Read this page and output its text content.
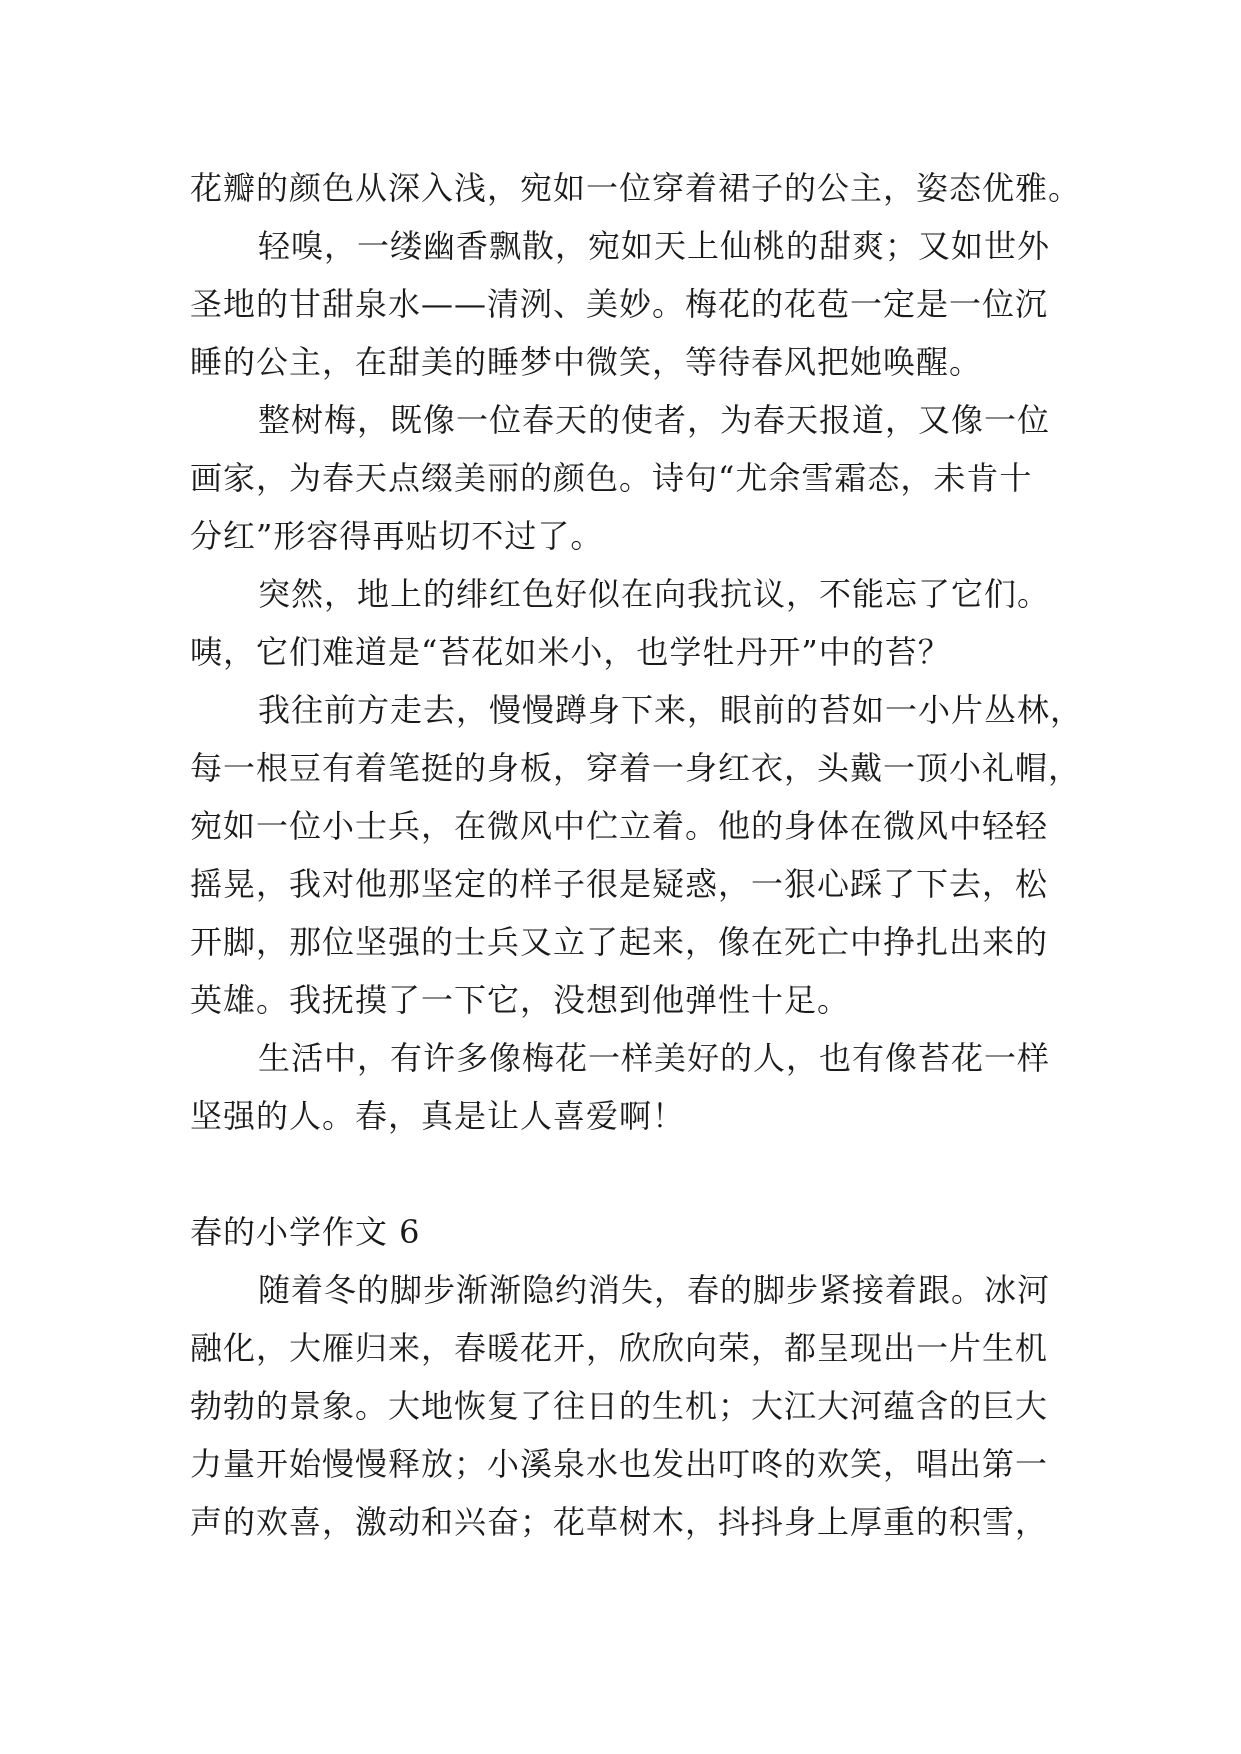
花瓣的颜色从深入浅，宛如一位穿着裙子的公主，姿态优雅。
轻嗅，一缕幽香飘散，宛如天上仙桃的甜爽；又如世外
圣地的甘甜泉水——清洌、美妙。梅花的花苞一定是一位沉
睡的公主，在甜美的睡梦中微笑，等待春风把她唤醒。
整树梅，既像一位春天的使者，为春天报道，又像一位
画家，为春天点缀美丽的颜色。诗句“尤余雪霜态，未肯十
分红”形容得再贴切不过了。
突然，地上的绯红色好似在向我抗议，不能忘了它们。
咦，它们难道是“苔花如米小，也学牡丹开”中的苔？
我往前方走去，慢慢蹲身下来，眼前的苔如一小片丛林，
每一根豆有着笔挺的身板，穿着一身红衣，头戴一顶小礼帽，
宛如一位小士兵，在微风中伫立着。他的身体在微风中轻轻
摇晃，我对他那坚定的样子很是疑惑，一狠心踩了下去，松
开脚，那位坚强的士兵又立了起来，像在死亡中挣扎出来的
英雄。我抚摸了一下它，没想到他弹性十足。
生活中，有许多像梅花一样美好的人，也有像苔花一样
坚强的人。春，真是让人喜爱啊！
春的小学作文 6
随着冬的脚步渐渐隐约消失，春的脚步紧接着跟。冰河
融化，大雁归来，春暖花开，欣欣向荣，都呈现出一片生机
勃勃的景象。大地恢复了往日的生机；大江大河蕴含的巨大
力量开始慢慢释放；小溪泉水也发出叮咚的欢笑，唱出第一
声的欢喜，激动和兴奋；花草树木，抖抖身上厚重的积雪，
